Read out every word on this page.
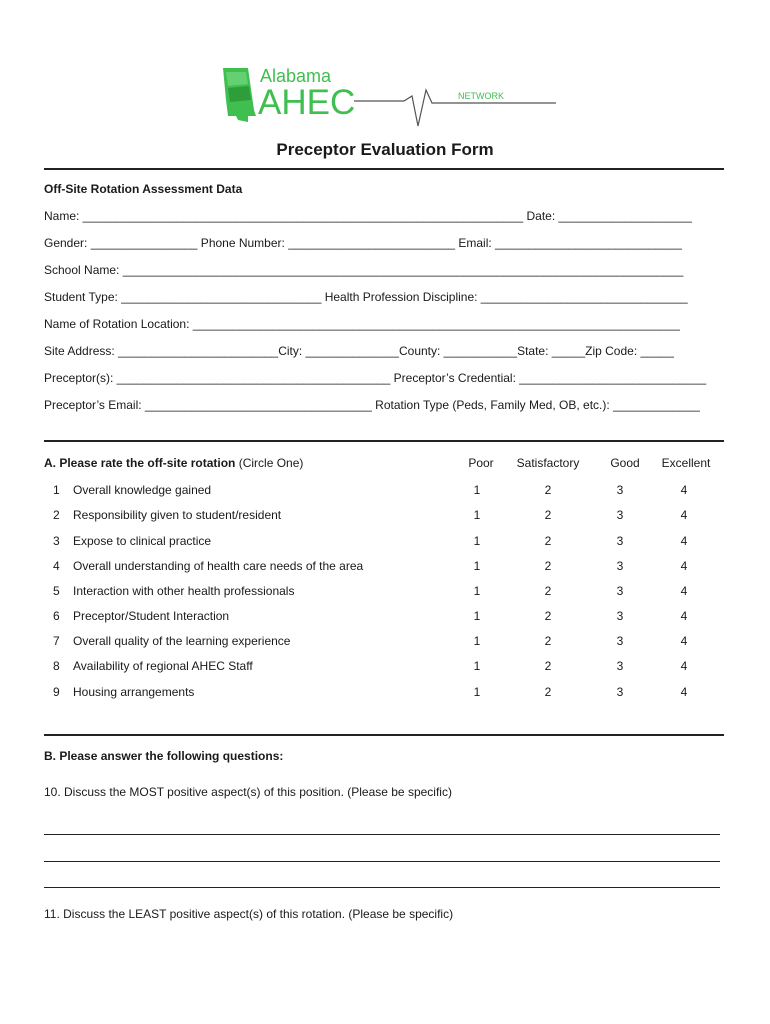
Alabama
AHEC	NETWORK
Preceptor Evaluation Form
Off-Site Rotation Assessment Data
Name: __________________________________________________________________ Date: ____________________
Gender: ________________ Phone Number: _________________________ Email: ____________________________
School Name: ____________________________________________________________________________________
Student Type: ______________________________ Health Profession Discipline: _______________________________
Name of Rotation Location: _________________________________________________________________________
Site Address: ________________________City: ______________County: ___________State: _____Zip Code: _____
Preceptor(s): _________________________________________ Preceptor’s Credential: ____________________________
Preceptor’s Email: __________________________________ Rotation Type (Peds, Family Med, OB, etc.): _____________
A. Please rate the off-site rotation (Circle One)	Poor	Satisfactory	Good	Excellent
1 Overall knowledge gained	1	2	3	4
2 Responsibility given to student/resident	1	2	3	4
3 Expose to clinical practice	1	2	3	4
4 Overall understanding of health care needs of the area	1	2	3	4
5 Interaction with other health professionals	1	2	3	4
6 Preceptor/Student Interaction	1	2	3	4
7 Overall quality of the learning experience	1	2	3	4
8 Availability of regional AHEC Staff	1	2	3	4
9 Housing arrangements	1	2	3	4
B. Please answer the following questions:
10. Discuss the MOST positive aspect(s) of this position. (Please be specific)
11. Discuss the LEAST positive aspect(s) of this rotation. (Please be specific)
